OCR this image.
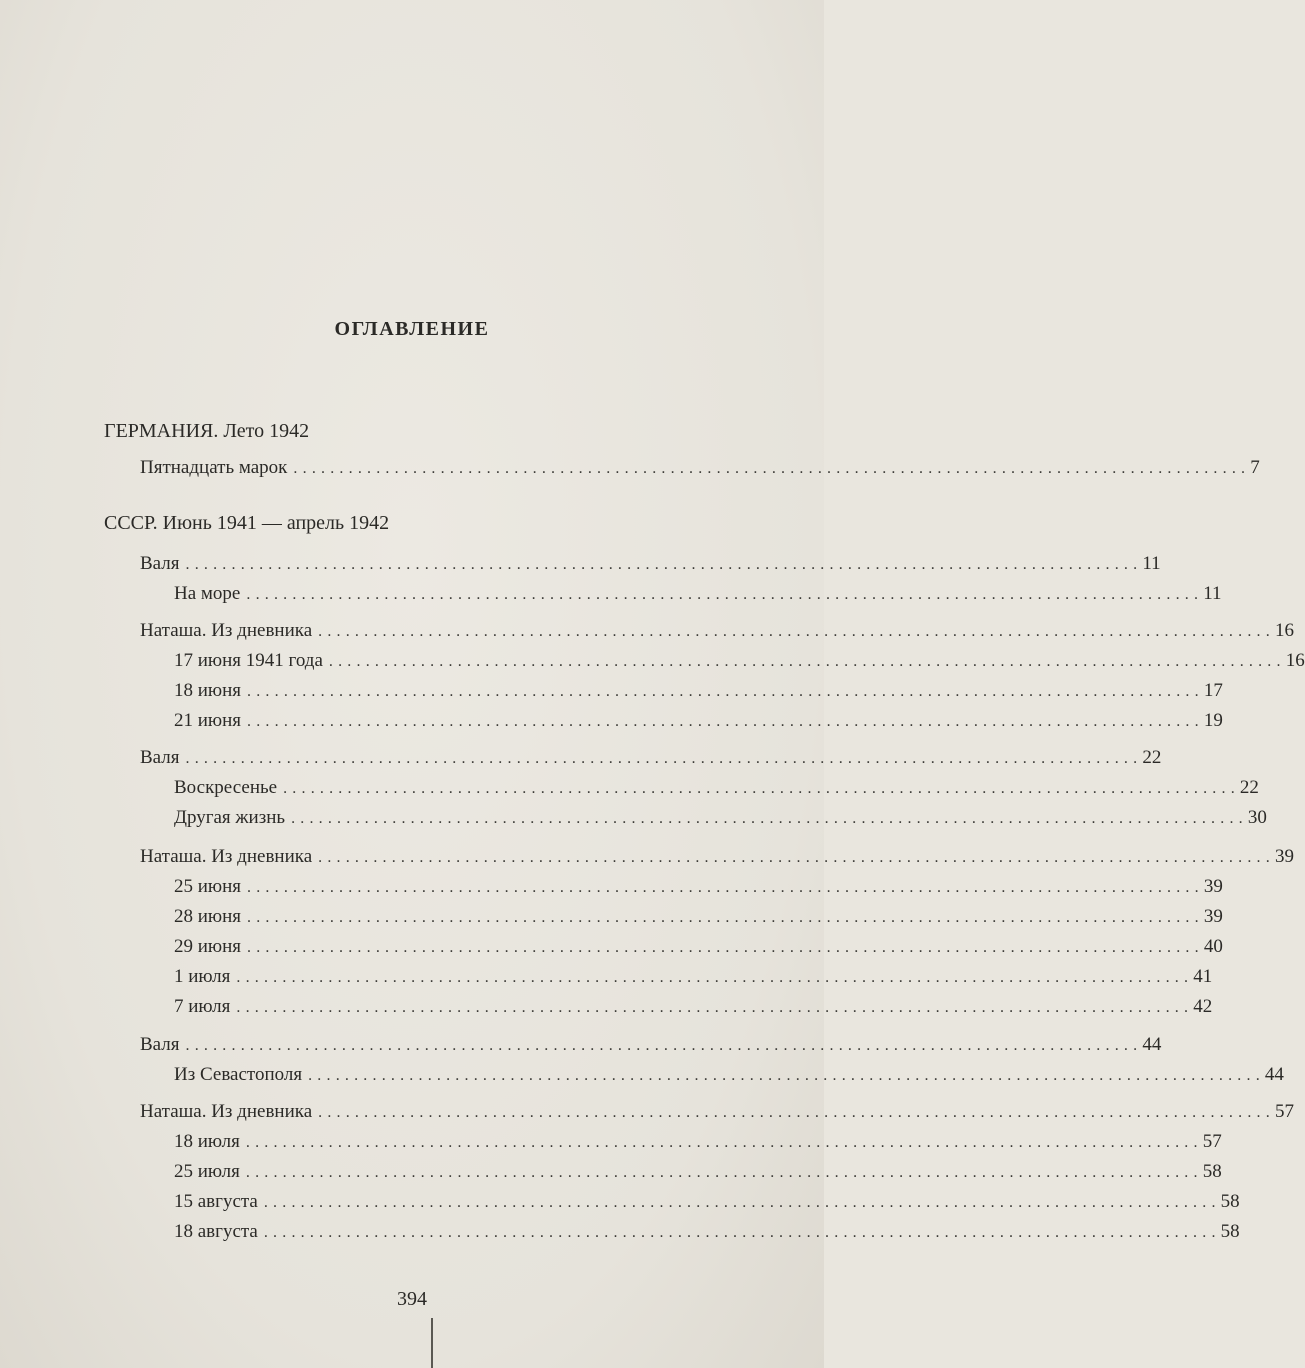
ОГЛАВЛЕНИЕ
ГЕРМАНИЯ. Лето 1942
Пятнадцать марок ........................................................................................................ 7
СССР. Июнь 1941 — апрель 1942
Валя ........................................................................................................ 11
На море ........................................................................................................ 11
Наташа. Из дневника ........................................................................................................ 16
17 июня 1941 года ........................................................................................................ 16
18 июня ........................................................................................................ 17
21 июня ........................................................................................................ 19
Валя ........................................................................................................ 22
Воскресенье ........................................................................................................ 22
Другая жизнь ........................................................................................................ 30
Наташа. Из дневника ........................................................................................................ 39
25 июня ........................................................................................................ 39
28 июня ........................................................................................................ 39
29 июня ........................................................................................................ 40
1 июля ........................................................................................................ 41
7 июля ........................................................................................................ 42
Валя ........................................................................................................ 44
Из Севастополя ........................................................................................................ 44
Наташа. Из дневника ........................................................................................................ 57
18 июля ........................................................................................................ 57
25 июля ........................................................................................................ 58
15 августа ........................................................................................................ 58
18 августа ........................................................................................................ 58
394
